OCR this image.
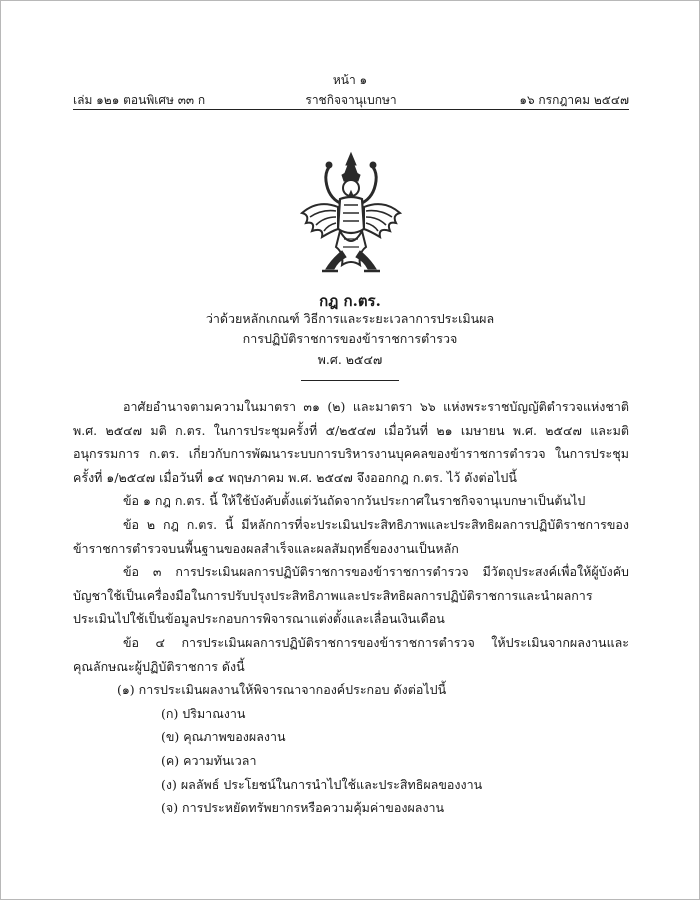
หน้า ๑
เล่ม ๑๒๑ ตอนพิเศษ ๓๓ ก	ราชกิจจานุเบกษา	๑๖ กรกฎาคม ๒๕๔๗
กฎ ก.ตร.
ว่าด้วยหลักเกณฑ์ วิธีการและระยะเวลาการประเมินผล
การปฏิบัติราชการของข้าราชการตำรวจ
พ.ศ. ๒๕๔๗

อาศัยอำนาจตามความในมาตรา ๓๑ (๒) และมาตรา ๖๖ แห่งพระราชบัญญัติตำรวจแห่งชาติ พ.ศ. ๒๕๔๗ มติ ก.ตร. ในการประชุมครั้งที่ ๕/๒๕๔๗ เมื่อวันที่ ๒๑ เมษายน พ.ศ. ๒๕๔๗ และมติอนุกรรมการ ก.ตร. เกี่ยวกับการพัฒนาระบบการบริหารงานบุคคลของข้าราชการตำรวจ ในการประชุมครั้งที่ ๑/๒๕๔๗ เมื่อวันที่ ๑๔ พฤษภาคม พ.ศ. ๒๕๔๗ จึงออกกฎ ก.ตร. ไว้ ดังต่อไปนี้

ข้อ ๑ กฎ ก.ตร. นี้ ให้ใช้บังคับตั้งแต่วันถัดจากวันประกาศในราชกิจจานุเบกษาเป็นต้นไป

ข้อ ๒ กฎ ก.ตร. นี้ มีหลักการที่จะประเมินประสิทธิภาพและประสิทธิผลการปฏิบัติราชการของข้าราชการตำรวจบนพื้นฐานของผลสำเร็จและผลสัมฤทธิ์ของงานเป็นหลัก

ข้อ ๓ การประเมินผลการปฏิบัติราชการของข้าราชการตำรวจ มีวัตถุประสงค์เพื่อให้ผู้บังคับบัญชาใช้เป็นเครื่องมือในการปรับปรุงประสิทธิภาพและประสิทธิผลการปฏิบัติราชการและนำผลการประเมินไปใช้เป็นข้อมูลประกอบการพิจารณาแต่งตั้งและเลื่อนเงินเดือน

ข้อ ๔ การประเมินผลการปฏิบัติราชการของข้าราชการตำรวจ ให้ประเมินจากผลงานและคุณลักษณะผู้ปฏิบัติราชการ ดังนี้

(๑) การประเมินผลงานให้พิจารณาจากองค์ประกอบ ดังต่อไปนี้

(ก) ปริมาณงาน

(ข) คุณภาพของผลงาน

(ค) ความทันเวลา

(ง) ผลลัพธ์ ประโยชน์ในการนำไปใช้และประสิทธิผลของงาน

(จ) การประหยัดทรัพยากรหรือความคุ้มค่าของผลงาน
